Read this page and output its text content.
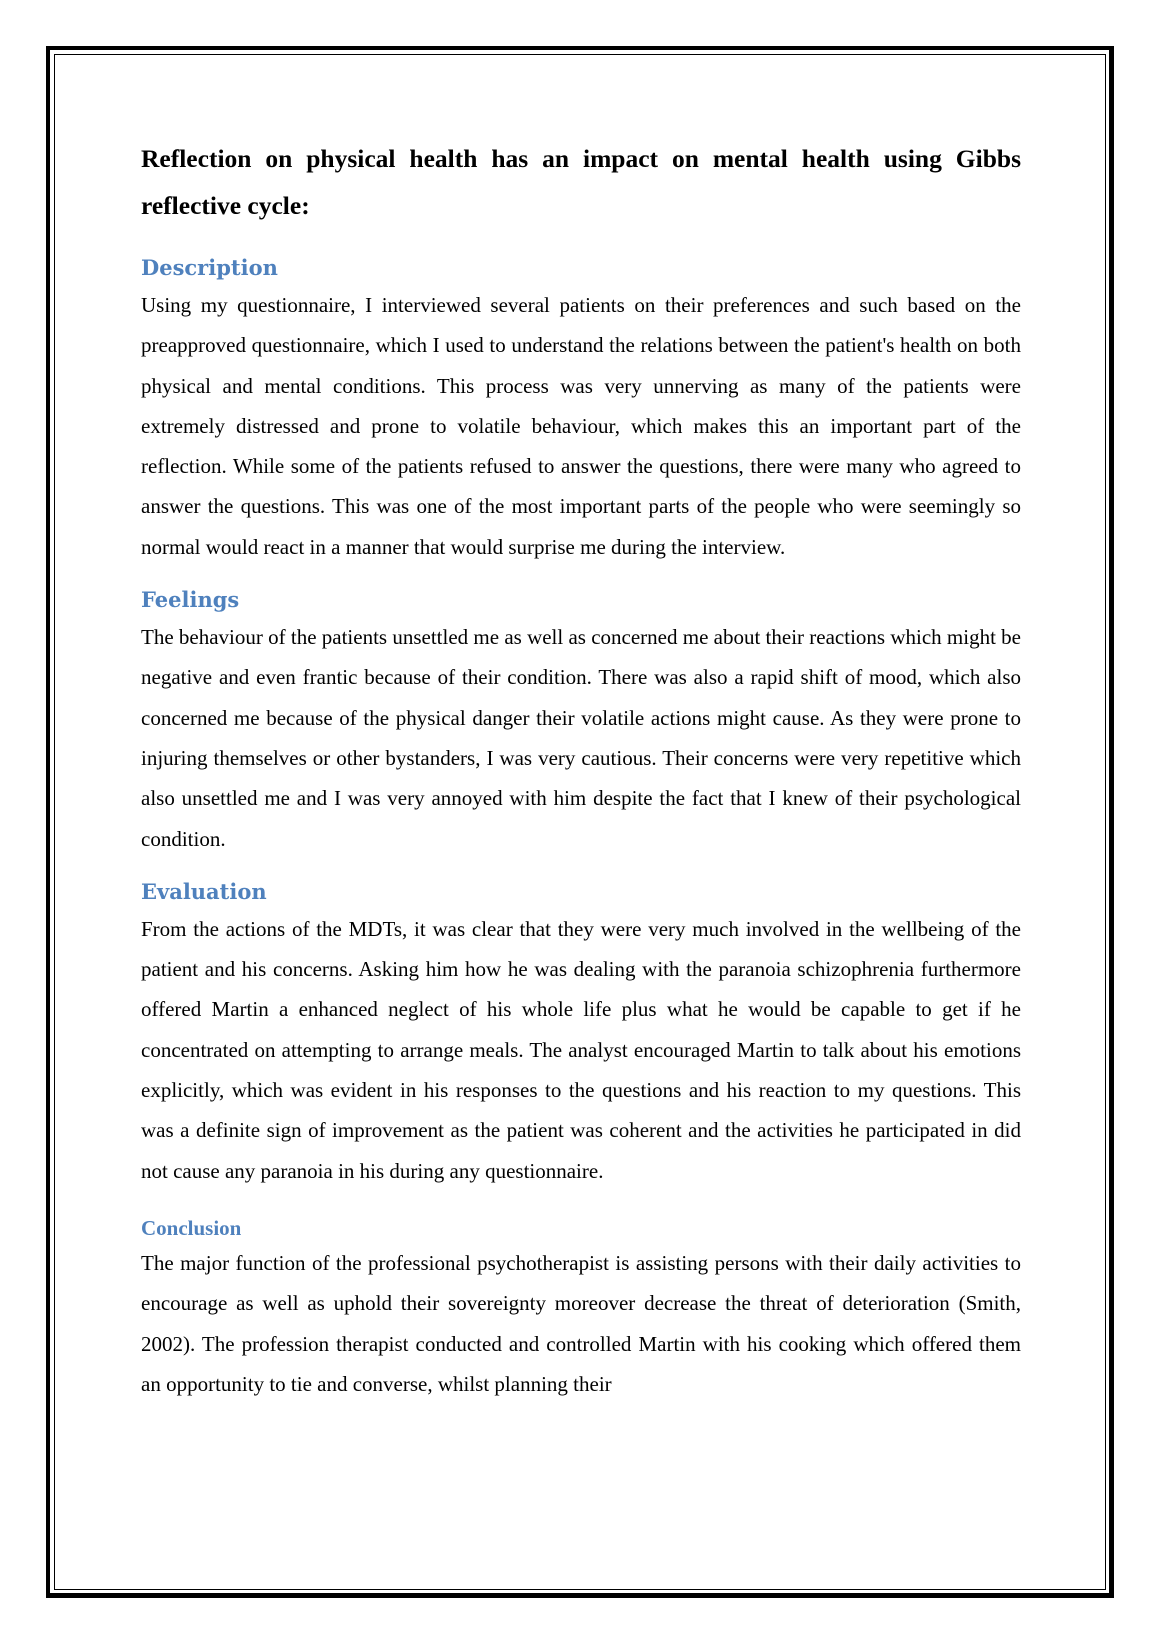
Reflection on physical health has an impact on mental health using Gibbs reflective cycle:
Description

Using my questionnaire, I interviewed several patients on their preferences and such based on the preapproved questionnaire, which I used to understand the relations between the patient's health on both physical and mental conditions. This process was very unnerving as many of the patients were extremely distressed and prone to volatile behaviour, which makes this an important part of the reflection. While some of the patients refused to answer the questions, there were many who agreed to answer the questions. This was one of the most important parts of the people who were seemingly so normal would react in a manner that would surprise me during the interview.

Feelings

The behaviour of the patients unsettled me as well as concerned me about their reactions which might be negative and even frantic because of their condition. There was also a rapid shift of mood, which also concerned me because of the physical danger their volatile actions might cause. As they were prone to injuring themselves or other bystanders, I was very cautious. Their concerns were very repetitive which also unsettled me and I was very annoyed with him despite the fact that I knew of their psychological condition.

Evaluation

From the actions of the MDTs, it was clear that they were very much involved in the wellbeing of the patient and his concerns. Asking him how he was dealing with the paranoia schizophrenia furthermore offered Martin a enhanced neglect of his whole life plus what he would be capable to get if he concentrated on attempting to arrange meals. The analyst encouraged Martin to talk about his emotions explicitly, which was evident in his responses to the questions and his reaction to my questions. This was a definite sign of improvement as the patient was coherent and the activities he participated in did not cause any paranoia in his during any questionnaire.

Conclusion

The major function of the professional psychotherapist is assisting persons with their daily activities to encourage as well as uphold their sovereignty moreover decrease the threat of deterioration (Smith, 2002). The profession therapist conducted and controlled Martin with his cooking which offered them an opportunity to tie and converse, whilst planning their
